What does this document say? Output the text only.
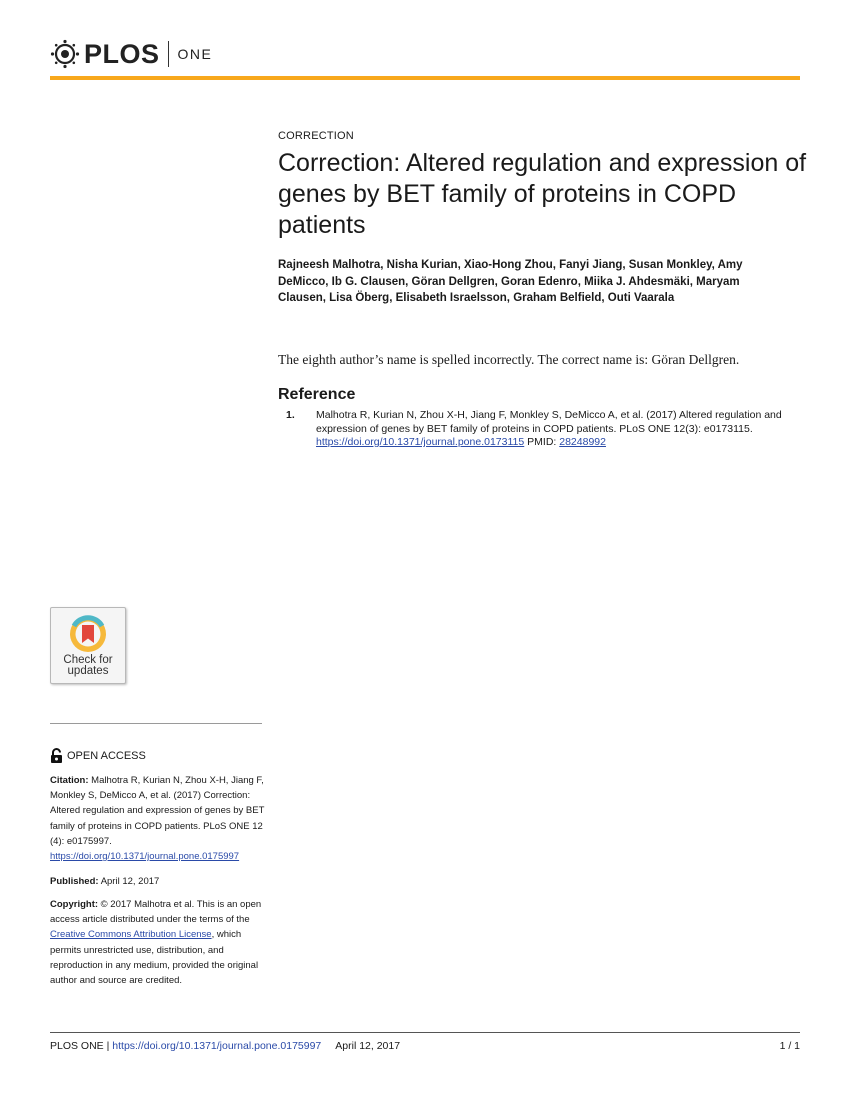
PLOS ONE
CORRECTION
Correction: Altered regulation and expression of genes by BET family of proteins in COPD patients
Rajneesh Malhotra, Nisha Kurian, Xiao-Hong Zhou, Fanyi Jiang, Susan Monkley, Amy DeMicco, Ib G. Clausen, Göran Dellgren, Goran Edenro, Miika J. Ahdesmäki, Maryam Clausen, Lisa Öberg, Elisabeth Israelsson, Graham Belfield, Outi Vaarala
The eighth author’s name is spelled incorrectly. The correct name is: Göran Dellgren.
Reference
1.	Malhotra R, Kurian N, Zhou X-H, Jiang F, Monkley S, DeMicco A, et al. (2017) Altered regulation and expression of genes by BET family of proteins in COPD patients. PLoS ONE 12(3): e0173115. https://doi.org/10.1371/journal.pone.0173115 PMID: 28248992
Check for
updates
OPEN ACCESS
Citation: Malhotra R, Kurian N, Zhou X-H, Jiang F, Monkley S, DeMicco A, et al. (2017) Correction: Altered regulation and expression of genes by BET family of proteins in COPD patients. PLoS ONE 12 (4): e0175997. https://doi.org/10.1371/journal.pone.0175997
Published: April 12, 2017
Copyright: © 2017 Malhotra et al. This is an open access article distributed under the terms of the Creative Commons Attribution License, which permits unrestricted use, distribution, and reproduction in any medium, provided the original author and source are credited.
PLOS ONE |
https://doi.org/10.1371/journal.pone.0175997 April 12, 2017	1 / 1
